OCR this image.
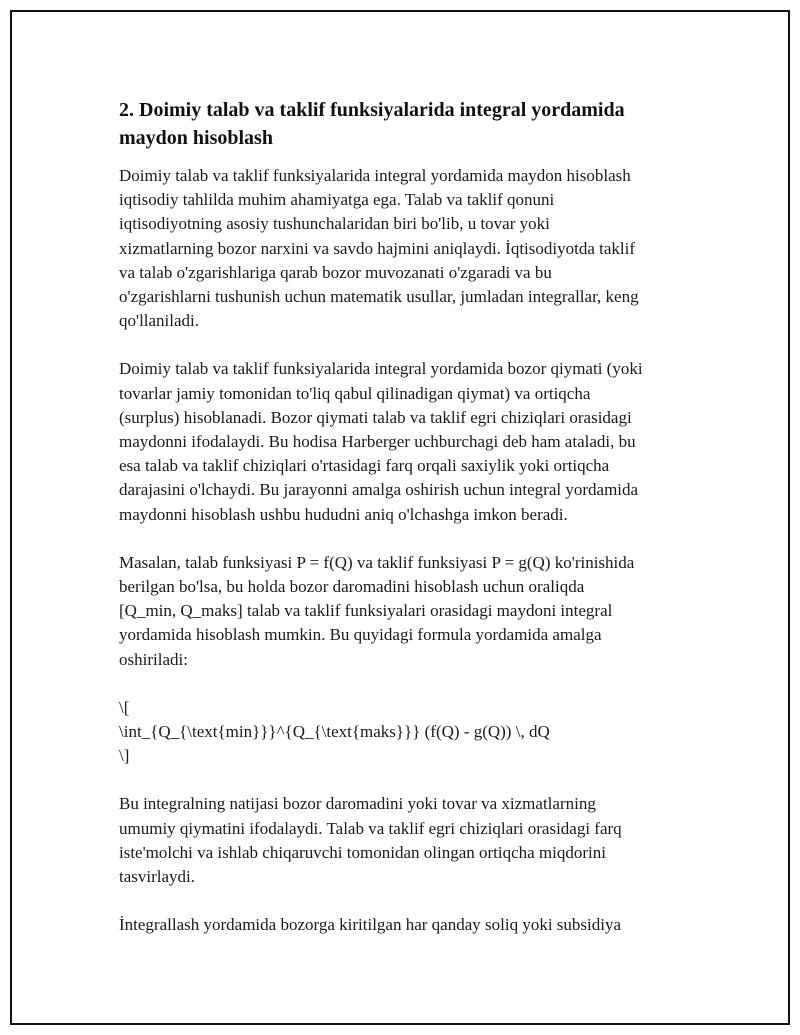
2. Doimiy talab va taklif funksiyalarida integral yordamida
maydon hisoblash

Doimiy talab va taklif funksiyalarida integral yordamida maydon hisoblash
iqtisodiy tahlilda muhim ahamiyatga ega. Talab va taklif qonuni
iqtisodiyotning asosiy tushunchalaridan biri bo'lib, u tovar yoki
xizmatlarning bozor narxini va savdo hajmini aniqlaydi. İqtisodiyotda taklif
va talab o'zgarishlariga qarab bozor muvozanati o'zgaradi va bu
o'zgarishlarni tushunish uchun matematik usullar, jumladan integrallar, keng
qo'llaniladi.

Doimiy talab va taklif funksiyalarida integral yordamida bozor qiymati (yoki
tovarlar jamiy tomonidan to'liq qabul qilinadigan qiymat) va ortiqcha
(surplus) hisoblanadi. Bozor qiymati talab va taklif egri chiziqlari orasidagi
maydonni ifodalaydi. Bu hodisa Harberger uchburchagi deb ham ataladi, bu
esa talab va taklif chiziqlari o'rtasidagi farq orqali saxiylik yoki ortiqcha
darajasini o'lchaydi. Bu jarayonni amalga oshirish uchun integral yordamida
maydonni hisoblash ushbu hududni aniq o'lchashga imkon beradi.

Masalan, talab funksiyasi P = f(Q) va taklif funksiyasi P = g(Q) ko'rinishida
berilgan bo'lsa, bu holda bozor daromadini hisoblash uchun oraliqda
[Q_min, Q_maks] talab va taklif funksiyalari orasidagi maydoni integral
yordamida hisoblash mumkin. Bu quyidagi formula yordamida amalga
oshiriladi:

\[
\int_{Q_{\text{min}}}^{Q_{\text{maks}}} (f(Q) - g(Q)) \, dQ
\]

Bu integralning natijasi bozor daromadini yoki tovar va xizmatlarning
umumiy qiymatini ifodalaydi. Talab va taklif egri chiziqlari orasidagi farq
iste'molchi va ishlab chiqaruvchi tomonidan olingan ortiqcha miqdorini
tasvirlaydi.

İntegrallash yordamida bozorga kiritilgan har qanday soliq yoki subsidiya
